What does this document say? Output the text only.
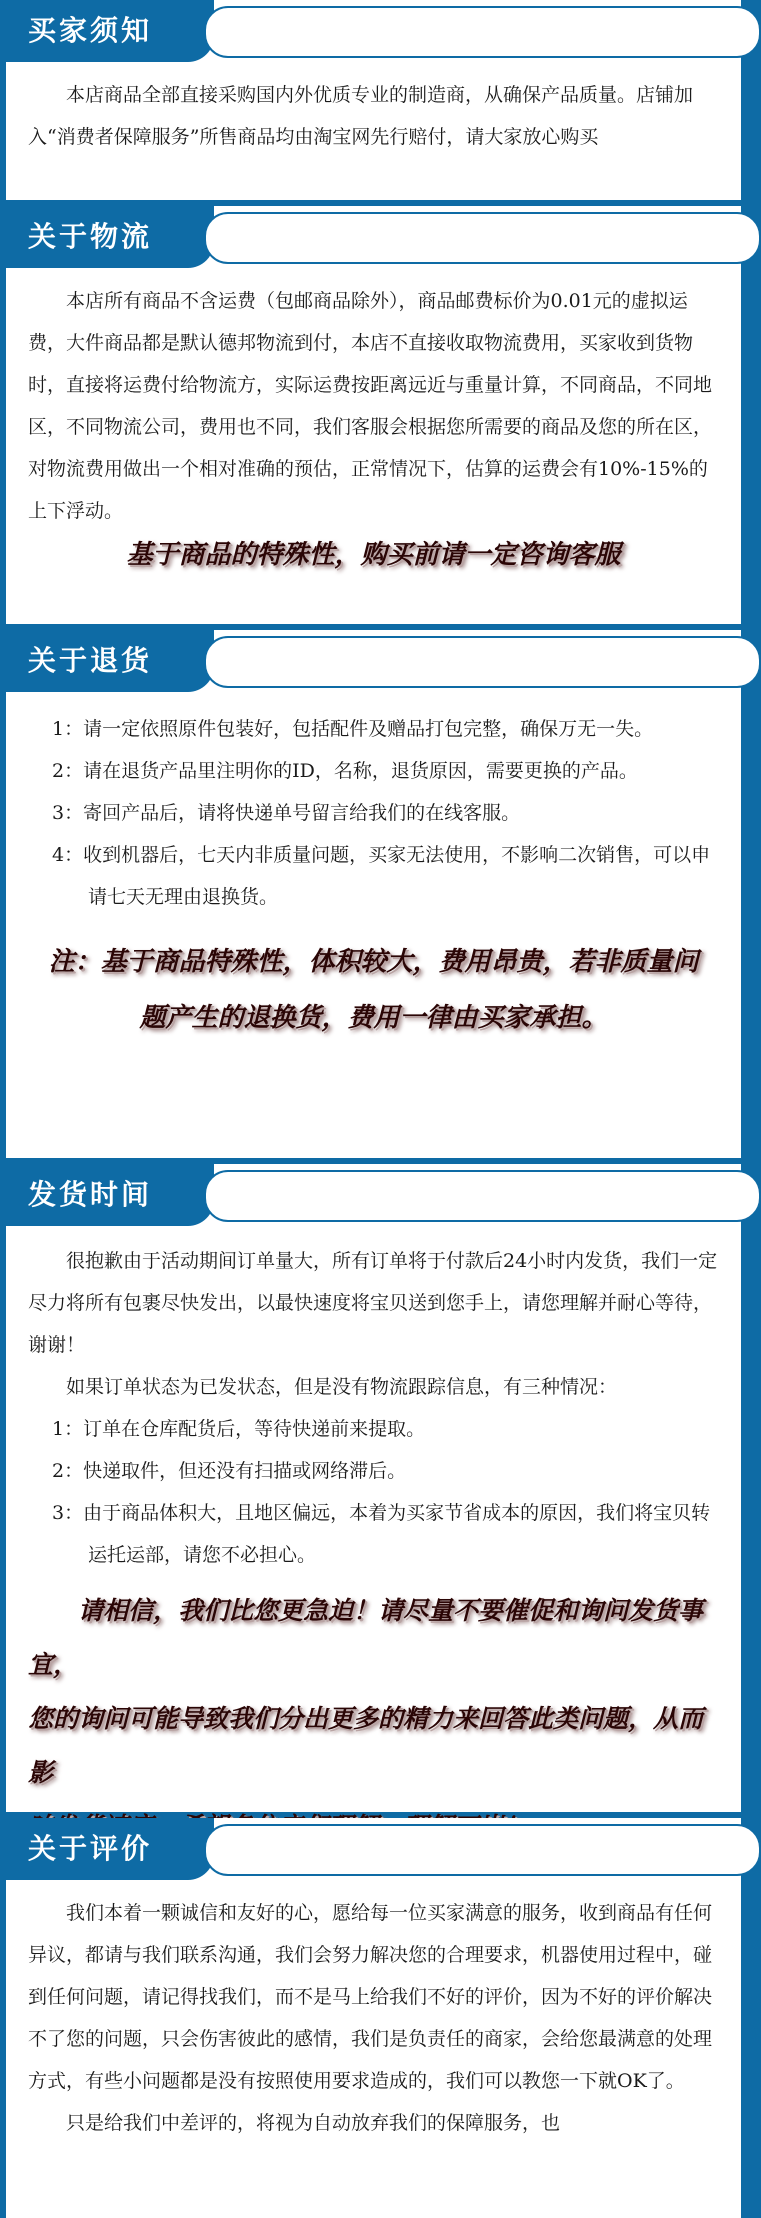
买家须知

本店商品全部直接采购国内外优质专业的制造商，从确保产品质量。店铺加入“消费者保障服务”所售商品均由淘宝网先行赔付，请大家放心购买

关于物流

本店所有商品不含运费（包邮商品除外），商品邮费标价为0.01元的虚拟运费，大件商品都是默认德邦物流到付，本店不直接收取物流费用，买家收到货物时，直接将运费付给物流方，实际运费按距离远近与重量计算，不同商品，不同地区，不同物流公司，费用也不同，我们客服会根据您所需要的商品及您的所在区，对物流费用做出一个相对准确的预估，正常情况下，估算的运费会有10%-15%的上下浮动。

基于商品的特殊性，购买前请一定咨询客服
关于退货
1：请一定依照原件包装好，包括配件及赠品打包完整，确保万无一失。
2：请在退货产品里注明你的ID，名称，退货原因，需要更换的产品。
3：寄回产品后，请将快递单号留言给我们的在线客服。
4：收到机器后，七天内非质量问题，买家无法使用，不影响二次销售，可以申请七天无理由退换货。
注：基于商品特殊性，体积较大，费用昂贵，若非质量问
题产生的退换货，费用一律由买家承担。
发货时间

很抱歉由于活动期间订单量大，所有订单将于付款后24小时内发货，我们一定尽力将所有包裹尽快发出，以最快速度将宝贝送到您手上，请您理解并耐心等待，谢谢！

如果订单状态为已发状态，但是没有物流跟踪信息，有三种情况：

1：订单在仓库配货后，等待快递前来提取。
2：快递取件，但还没有扫描或网络滞后。
3：由于商品体积大，且地区偏远，本着为买家节省成本的原因，我们将宝贝转运托运部，请您不必担心。
请相信，我们比您更急迫！请尽量不要催促和询问发货事宜，
您的询问可能导致我们分出更多的精力来回答此类问题，从而影
关于评价

我们本着一颗诚信和友好的心，愿给每一位买家满意的服务，收到商品有任何异议，都请与我们联系沟通，我们会努力解决您的合理要求，机器使用过程中，碰到任何问题，请记得找我们，而不是马上给我们不好的评价，因为不好的评价解决不了您的问题，只会伤害彼此的感情，我们是负责任的商家，会给您最满意的处理方式，有些小问题都是没有按照使用要求造成的，我们可以教您一下就OK了。

只是给我们中差评的，将视为自动放弃我们的保障服务，也
